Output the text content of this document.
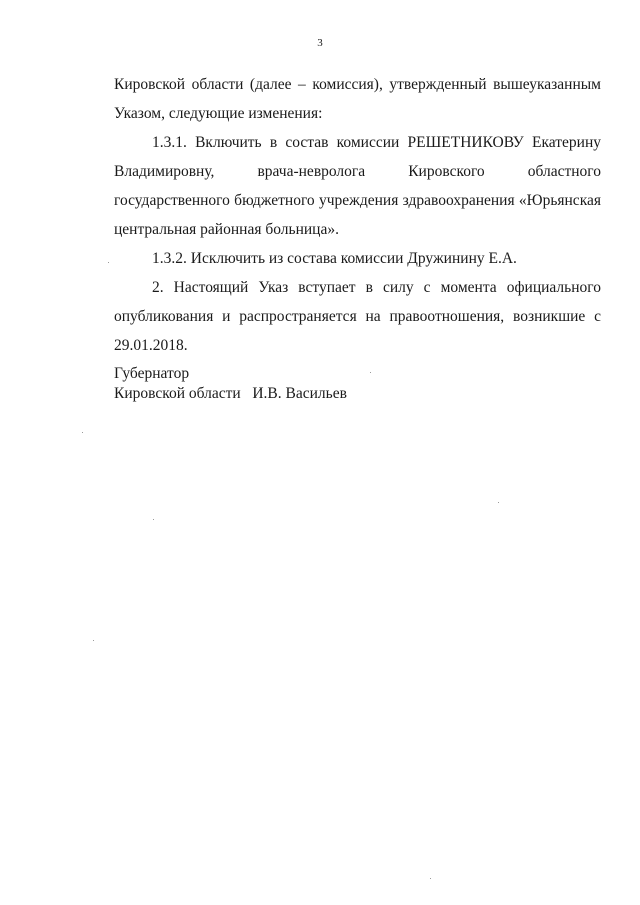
3

Кировской области (далее – комиссия), утвержденный вышеуказанным Указом, следующие изменения:

1.3.1. Включить в состав комиссии РЕШЕТНИКОВУ Екатерину Владимировну, врача-невролога Кировского областного государственного бюджетного учреждения здравоохранения «Юрьянская центральная районная больница».

1.3.2. Исключить из состава комиссии Дружинину Е.А.

2. Настоящий Указ вступает в силу с момента официального опубликования и распространяется на правоотношения, возникшие с 29.01.2018.

Губернатор
Кировской области И.В. Васильев
